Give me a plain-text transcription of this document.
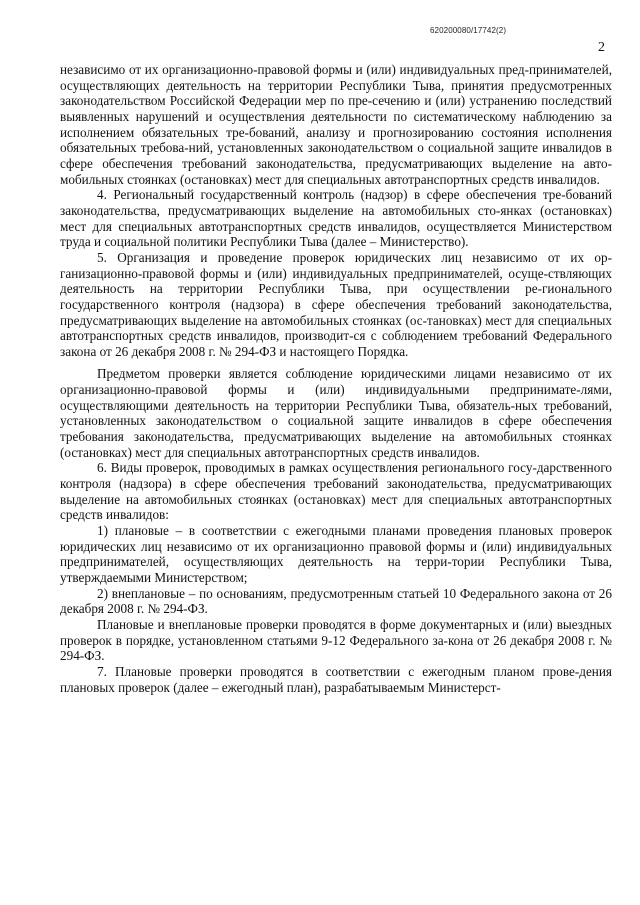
620200080/17742(2)
2

независимо от их организационно-правовой формы и (или) индивидуальных пред-принимателей, осуществляющих деятельность на территории Республики Тыва, принятия предусмотренных законодательством Российской Федерации мер по пре-сечению и (или) устранению последствий выявленных нарушений и осуществления деятельности по систематическому наблюдению за исполнением обязательных тре-бований, анализу и прогнозированию состояния исполнения обязательных требова-ний, установленных законодательством о социальной защите инвалидов в сфере обеспечения требований законодательства, предусматривающих выделение на авто-мобильных стоянках (остановках) мест для специальных автотранспортных средств инвалидов.

4. Региональный государственный контроль (надзор) в сфере обеспечения тре-бований законодательства, предусматривающих выделение на автомобильных сто-янках (остановках) мест для специальных автотранспортных средств инвалидов, осуществляется Министерством труда и социальной политики Республики Тыва (далее – Министерство).

5. Организация и проведение проверок юридических лиц независимо от их ор-ганизационно-правовой формы и (или) индивидуальных предпринимателей, осуще-ствляющих деятельность на территории Республики Тыва, при осуществлении ре-гионального государственного контроля (надзора) в сфере обеспечения требований законодательства, предусматривающих выделение на автомобильных стоянках (ос-тановках) мест для специальных автотранспортных средств инвалидов, производит-ся с соблюдением требований Федерального закона от 26 декабря 2008 г. № 294-ФЗ и настоящего Порядка.

Предметом проверки является соблюдение юридическими лицами независимо от их организационно-правовой формы и (или) индивидуальными предпринимате-лями, осуществляющими деятельность на территории Республики Тыва, обязатель-ных требований, установленных законодательством о социальной защите инвалидов в сфере обеспечения требования законодательства, предусматривающих выделение на автомобильных стоянках (остановках) мест для специальных автотранспортных средств инвалидов.

6. Виды проверок, проводимых в рамках осуществления регионального госу-дарственного контроля (надзора) в сфере обеспечения требований законодательства, предусматривающих выделение на автомобильных стоянках (остановках) мест для специальных автотранспортных средств инвалидов:

1) плановые – в соответствии с ежегодными планами проведения плановых проверок юридических лиц независимо от их организационно правовой формы и (или) индивидуальных предпринимателей, осуществляющих деятельность на терри-тории Республики Тыва, утверждаемыми Министерством;

2) внеплановые – по основаниям, предусмотренным статьей 10 Федерального закона от 26 декабря 2008 г. № 294-ФЗ.

Плановые и внеплановые проверки проводятся в форме документарных и (или) выездных проверок в порядке, установленном статьями 9-12 Федерального за-кона от 26 декабря 2008 г. № 294-ФЗ.

7. Плановые проверки проводятся в соответствии с ежегодным планом прове-дения плановых проверок (далее – ежегодный план), разрабатываемым Министерст-
